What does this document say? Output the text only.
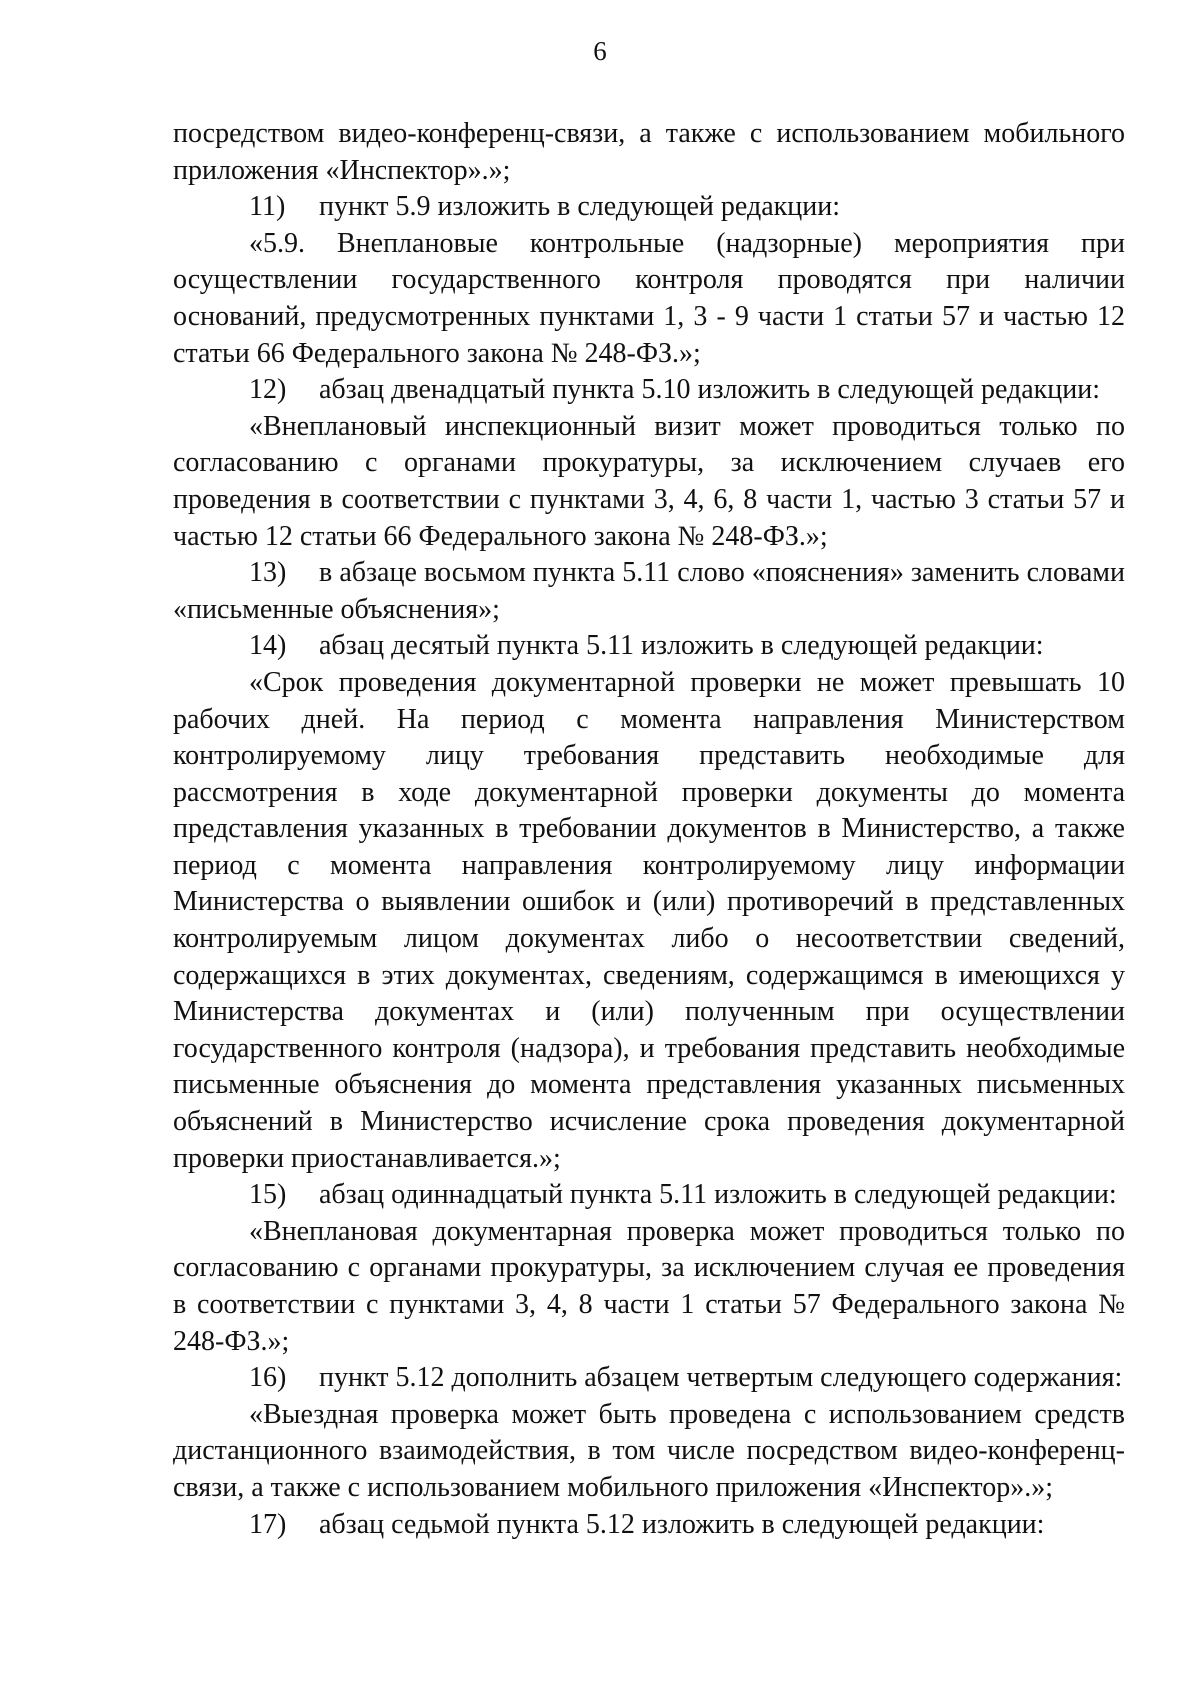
6

посредством видео-конференц-связи, а также с использованием мобильного приложения «Инспектор».»;

11) пункт 5.9 изложить в следующей редакции:

«5.9. Внеплановые контрольные (надзорные) мероприятия при осуществлении государственного контроля проводятся при наличии оснований, предусмотренных пунктами 1, 3 - 9 части 1 статьи 57 и частью 12 статьи 66 Федерального закона № 248-ФЗ.»;

12) абзац двенадцатый пункта 5.10 изложить в следующей редакции:

«Внеплановый инспекционный визит может проводиться только по согласованию с органами прокуратуры, за исключением случаев его проведения в соответствии с пунктами 3, 4, 6, 8 части 1, частью 3 статьи 57 и частью 12 статьи 66 Федерального закона № 248-ФЗ.»;

13) в абзаце восьмом пункта 5.11 слово «пояснения» заменить словами «письменные объяснения»;

14) абзац десятый пункта 5.11 изложить в следующей редакции:

«Срок проведения документарной проверки не может превышать 10 рабочих дней. На период с момента направления Министерством контролируемому лицу требования представить необходимые для рассмотрения в ходе документарной проверки документы до момента представления указанных в требовании документов в Министерство, а также период с момента направления контролируемому лицу информации Министерства о выявлении ошибок и (или) противоречий в представленных контролируемым лицом документах либо о несоответствии сведений, содержащихся в этих документах, сведениям, содержащимся в имеющихся у Министерства документах и (или) полученным при осуществлении государственного контроля (надзора), и требования представить необходимые письменные объяснения до момента представления указанных письменных объяснений в Министерство исчисление срока проведения документарной проверки приостанавливается.»;

15) абзац одиннадцатый пункта 5.11 изложить в следующей редакции:

«Внеплановая документарная проверка может проводиться только по согласованию с органами прокуратуры, за исключением случая ее проведения в соответствии с пунктами 3, 4, 8 части 1 статьи 57 Федерального закона № 248-ФЗ.»;

16) пункт 5.12 дополнить абзацем четвертым следующего содержания:

«Выездная проверка может быть проведена с использованием средств дистанционного взаимодействия, в том числе посредством видео-конференц-связи, а также с использованием мобильного приложения «Инспектор».»;

17) абзац седьмой пункта 5.12 изложить в следующей редакции:
